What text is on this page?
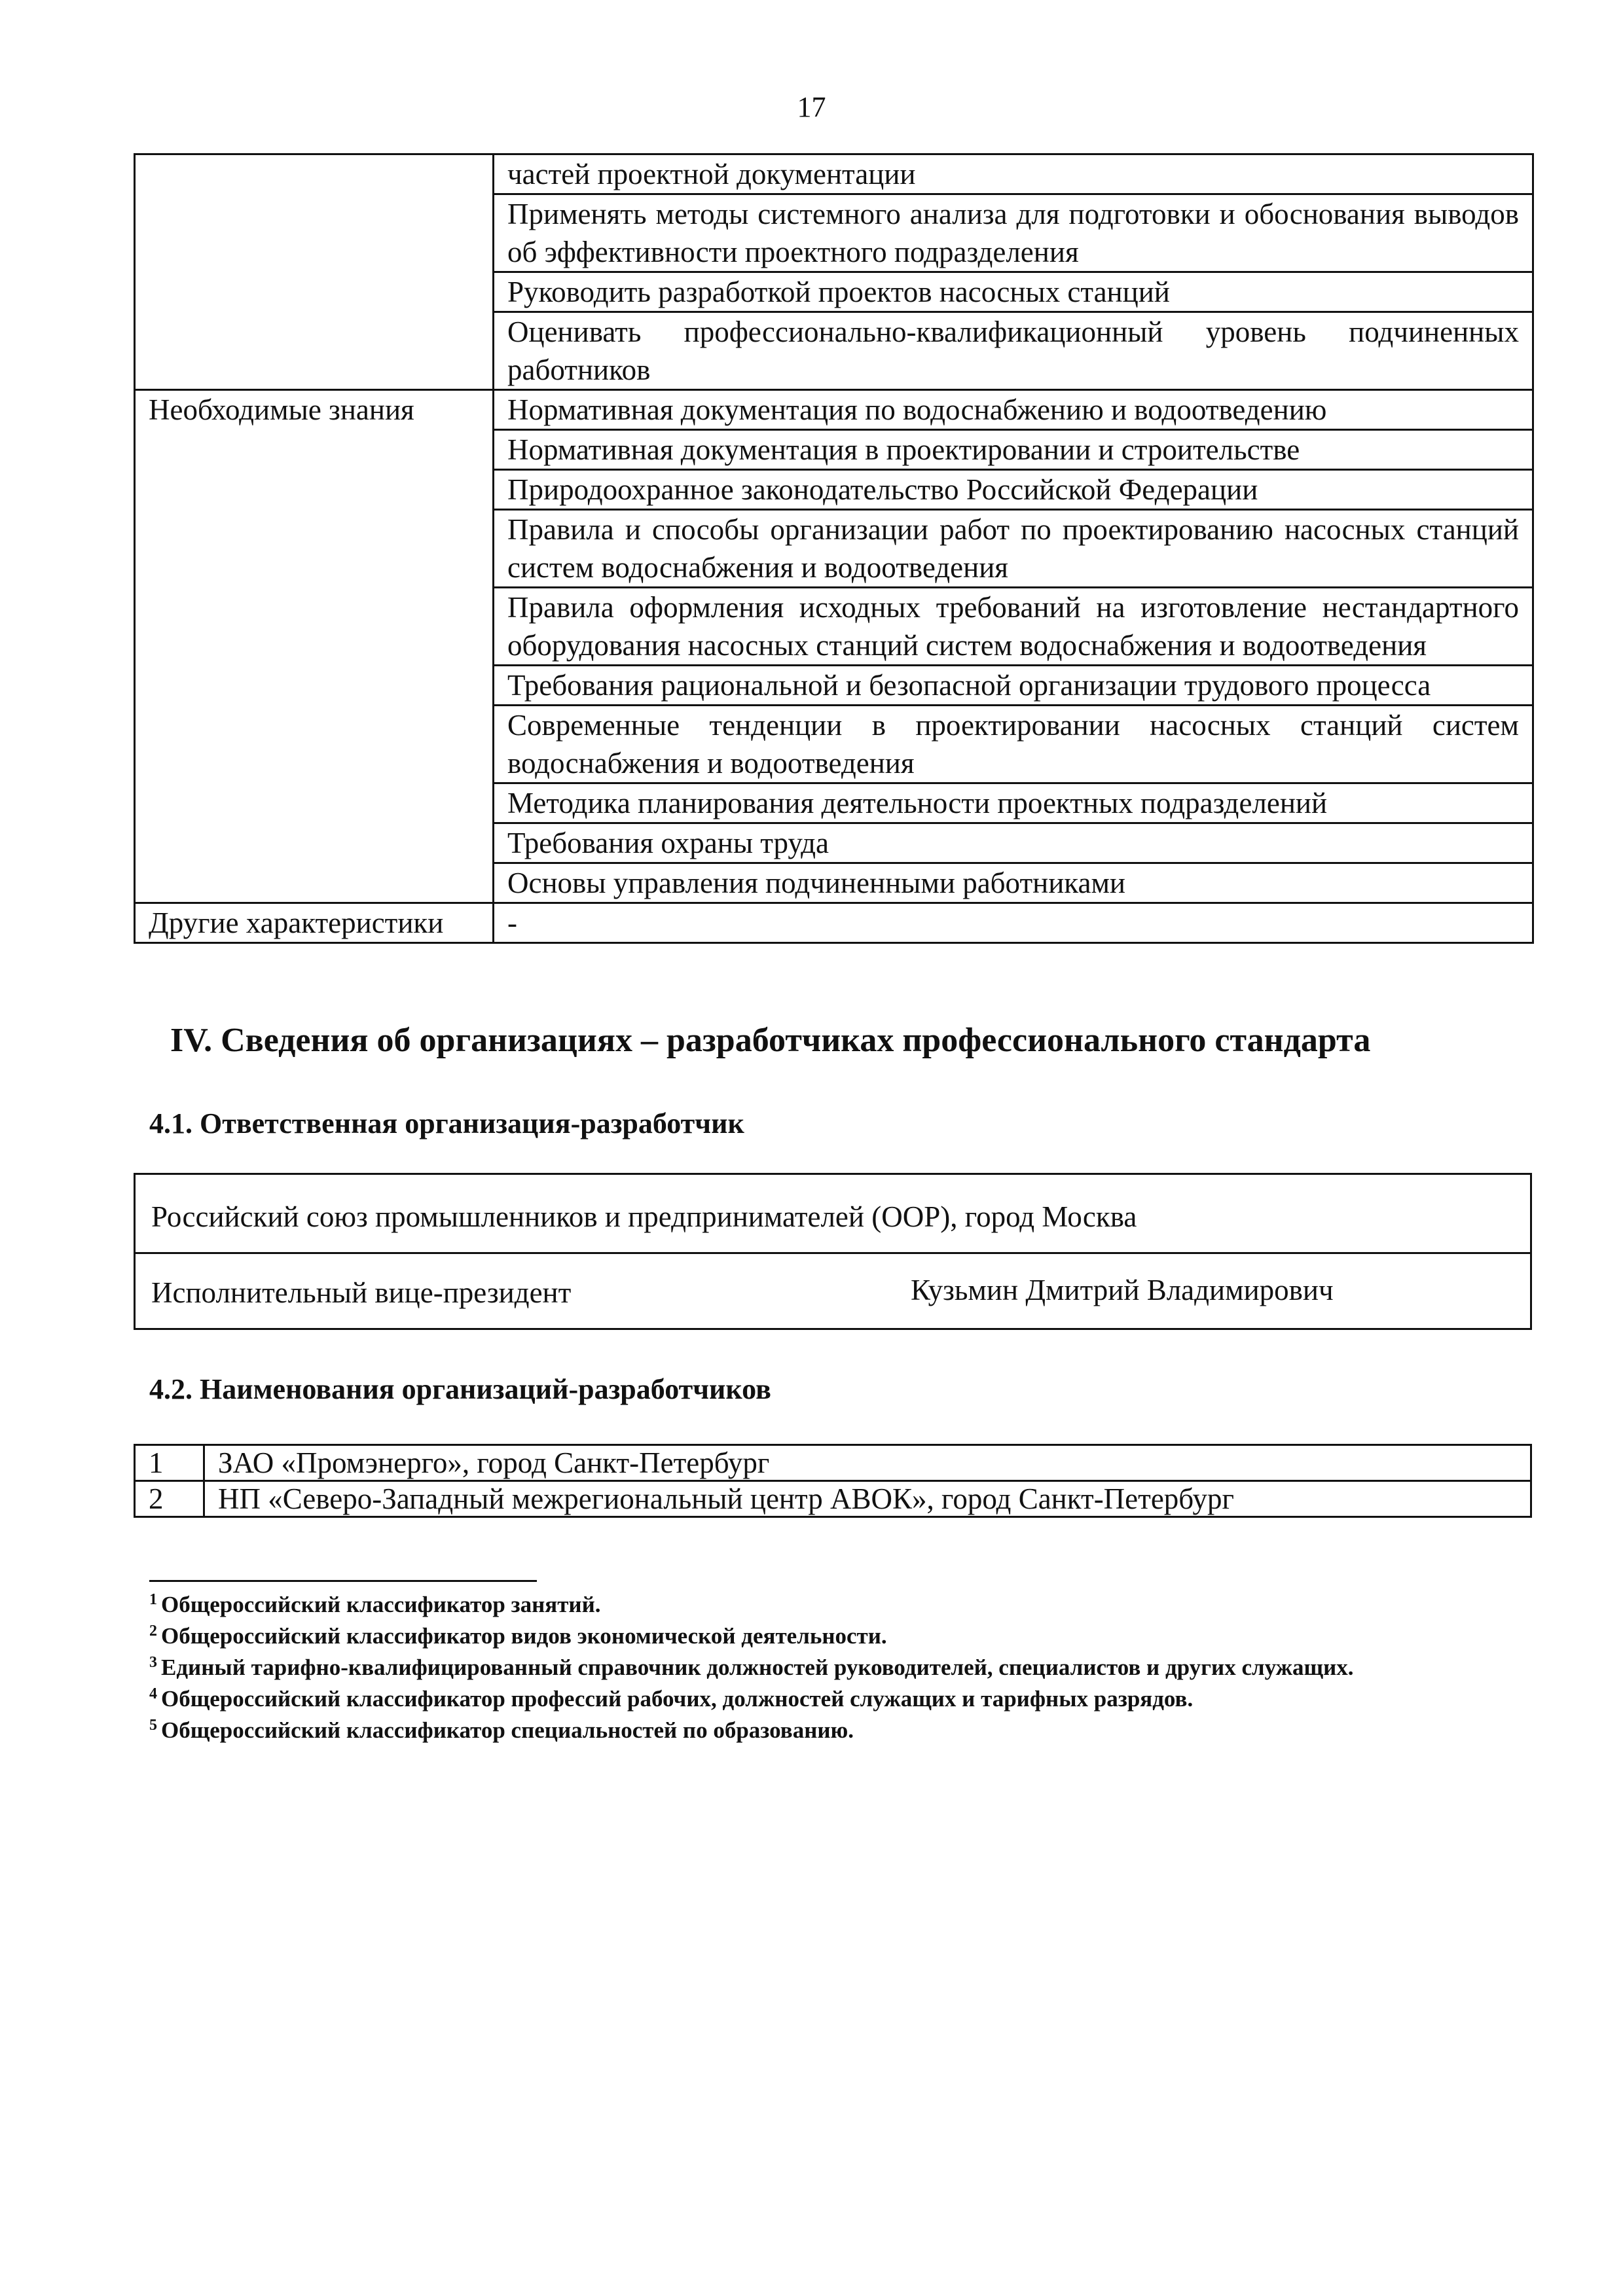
17
	частей проектной документации
	Применять методы системного анализа для подготовки и обоснования выводов об эффективности проектного подразделения
	Руководить разработкой проектов насосных станций
	Оценивать профессионально-квалификационный уровень подчиненных работников
Необходимые знания	Нормативная документация по водоснабжению и водоотведению
	Нормативная документация в проектировании и строительстве
	Природоохранное законодательство Российской Федерации
	Правила и способы организации работ по проектированию насосных станций систем водоснабжения и водоотведения
	Правила оформления исходных требований на изготовление нестандартного оборудования насосных станций систем водоснабжения и водоотведения
	Требования рациональной и безопасной организации трудового процесса
	Современные тенденции в проектировании насосных станций систем водоснабжения и водоотведения
	Методика планирования деятельности проектных подразделений
	Требования охраны труда
	Основы управления подчиненными работниками
Другие характеристики	-
IV. Сведения об организациях – разработчиках профессионального стандарта
4.1. Ответственная организация-разработчик
Российский союз промышленников и предпринимателей (ООР), город Москва
Исполнительный вице-президент	Кузьмин Дмитрий Владимирович
4.2. Наименования организаций-разработчиков
1	ЗАО «Промэнерго», город Санкт-Петербург
2	НП «Северо-Западный межрегиональный центр АВОК», город Санкт-Петербург
$^1$ Общероссийский классификатор занятий.
$^2$ Общероссийский классификатор видов экономической деятельности.
$^3$ Единый тарифно-квалифицированный справочник должностей руководителей, специалистов и других служащих.
$^4$ Общероссийский классификатор профессий рабочих, должностей служащих и тарифных разрядов.
$^5$ Общероссийский классификатор специальностей по образованию.
